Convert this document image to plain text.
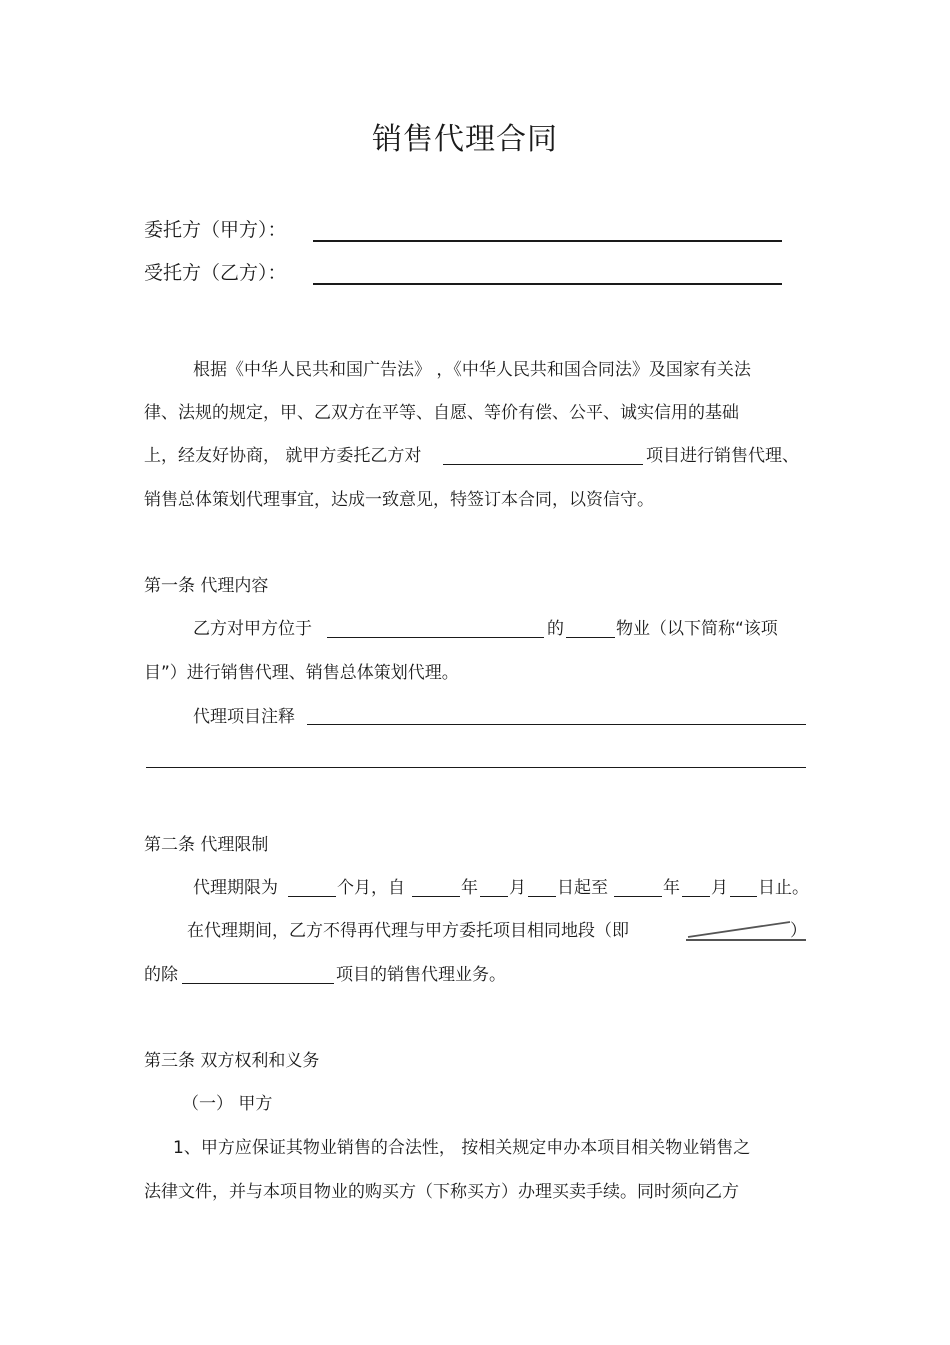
销售代理合同
委托方（甲方）：
受托方（乙方）：
根据《中华人民共和国广告法》 ，《中华人民共和国合同法》及国家有关法
律、法规的规定，甲、乙双方在平等、自愿、等价有偿、公平、诚实信用的基础
上，经友好协商， 就甲方委托乙方对	项目进行销售代理、
销售总体策划代理事宜，达成一致意见，特签订本合同，以资信守。
第一条 代理内容
乙方对甲方位于	的	物业（以下简称“该项
目”）进行销售代理、销售总体策划代理。
代理项目注释
第二条 代理限制
代理期限为	个月，自	年 月 日起至	年 月 日止。
在代理期间，乙方不得再代理与甲方委托项目相同地段（即	）
的除	项目的销售代理业务。
第三条 双方权利和义务
（一） 甲方
1、甲方应保证其物业销售的合法性， 按相关规定申办本项目相关物业销售之
法律文件，并与本项目物业的购买方（下称买方）办理买卖手续。同时须向乙方
